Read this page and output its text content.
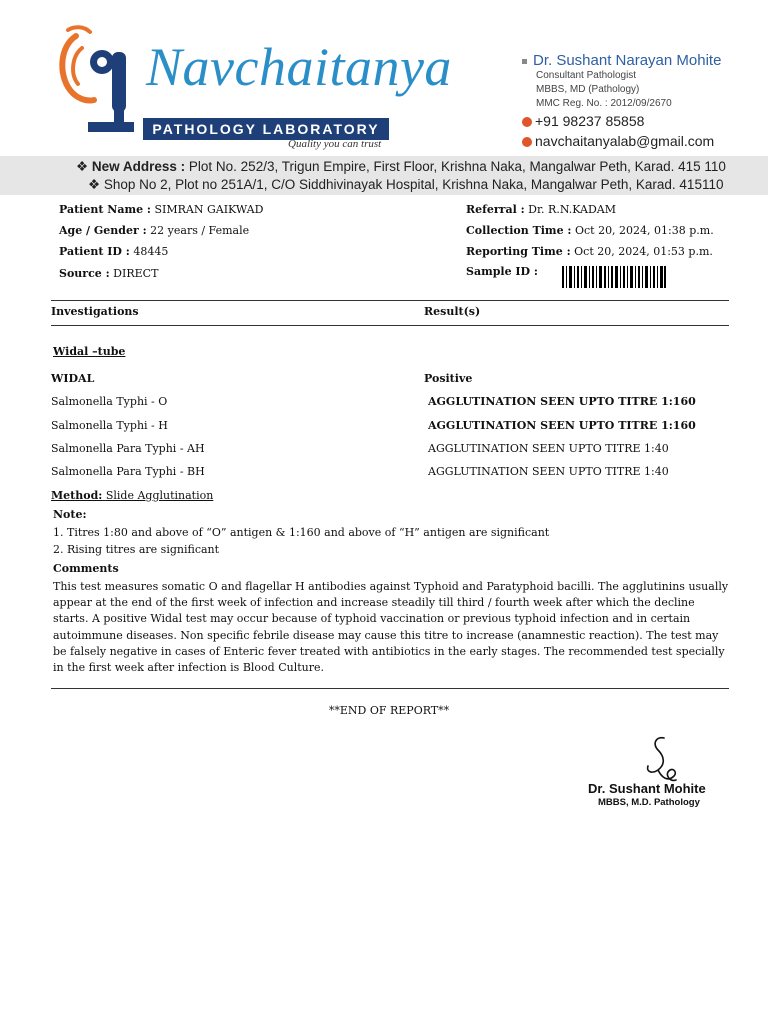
Navchaitanya
PATHOLOGY LABORATORY
Quality you can trust
Dr. Sushant Narayan Mohite
Consultant Pathologist
MBBS, MD (Pathology)
MMC Reg. No. : 2012/09/2670
+91 98237 85858
navchaitanyalab@gmail.com
❖ New Address : Plot No. 252/3, Trigun Empire, First Floor, Krishna Naka, Mangalwar Peth, Karad. 415 110
❖ Shop No 2, Plot no 251A/1, C/O Siddhivinayak Hospital, Krishna Naka, Mangalwar Peth, Karad. 415110
Patient Name : SIMRAN GAIKWAD
Age / Gender : 22 years / Female
Patient ID : 48445
Source : DIRECT
Referral : Dr. R.N.KADAM
Collection Time : Oct 20, 2024, 01:38 p.m.
Reporting Time : Oct 20, 2024, 01:53 p.m.
Sample ID :
Investigations	Result(s)
Widal –tube
WIDAL	Positive
Salmonella Typhi - O	AGGLUTINATION SEEN UPTO TITRE 1:160
Salmonella Typhi - H	AGGLUTINATION SEEN UPTO TITRE 1:160
Salmonella Para Typhi - AH	AGGLUTINATION SEEN UPTO TITRE 1:40
Salmonella Para Typhi - BH	AGGLUTINATION SEEN UPTO TITRE 1:40
Method: Slide Agglutination
Note:
1. Titres 1:80 and above of “O” antigen & 1:160 and above of “H” antigen are significant
2. Rising titres are significant
Comments
This test measures somatic O and flagellar H antibodies against Typhoid and Paratyphoid bacilli. The agglutinins usually appear at the end of the first week of infection and increase steadily till third / fourth week after which the decline starts. A positive Widal test may occur because of typhoid vaccination or previous typhoid infection and in certain autoimmune diseases. Non specific febrile disease may cause this titre to increase (anamnestic reaction). The test may be falsely negative in cases of Enteric fever treated with antibiotics in the early stages. The recommended test specially in the first week after infection is Blood Culture.
**END OF REPORT**
Dr. Sushant Mohite
MBBS, M.D. Pathology
